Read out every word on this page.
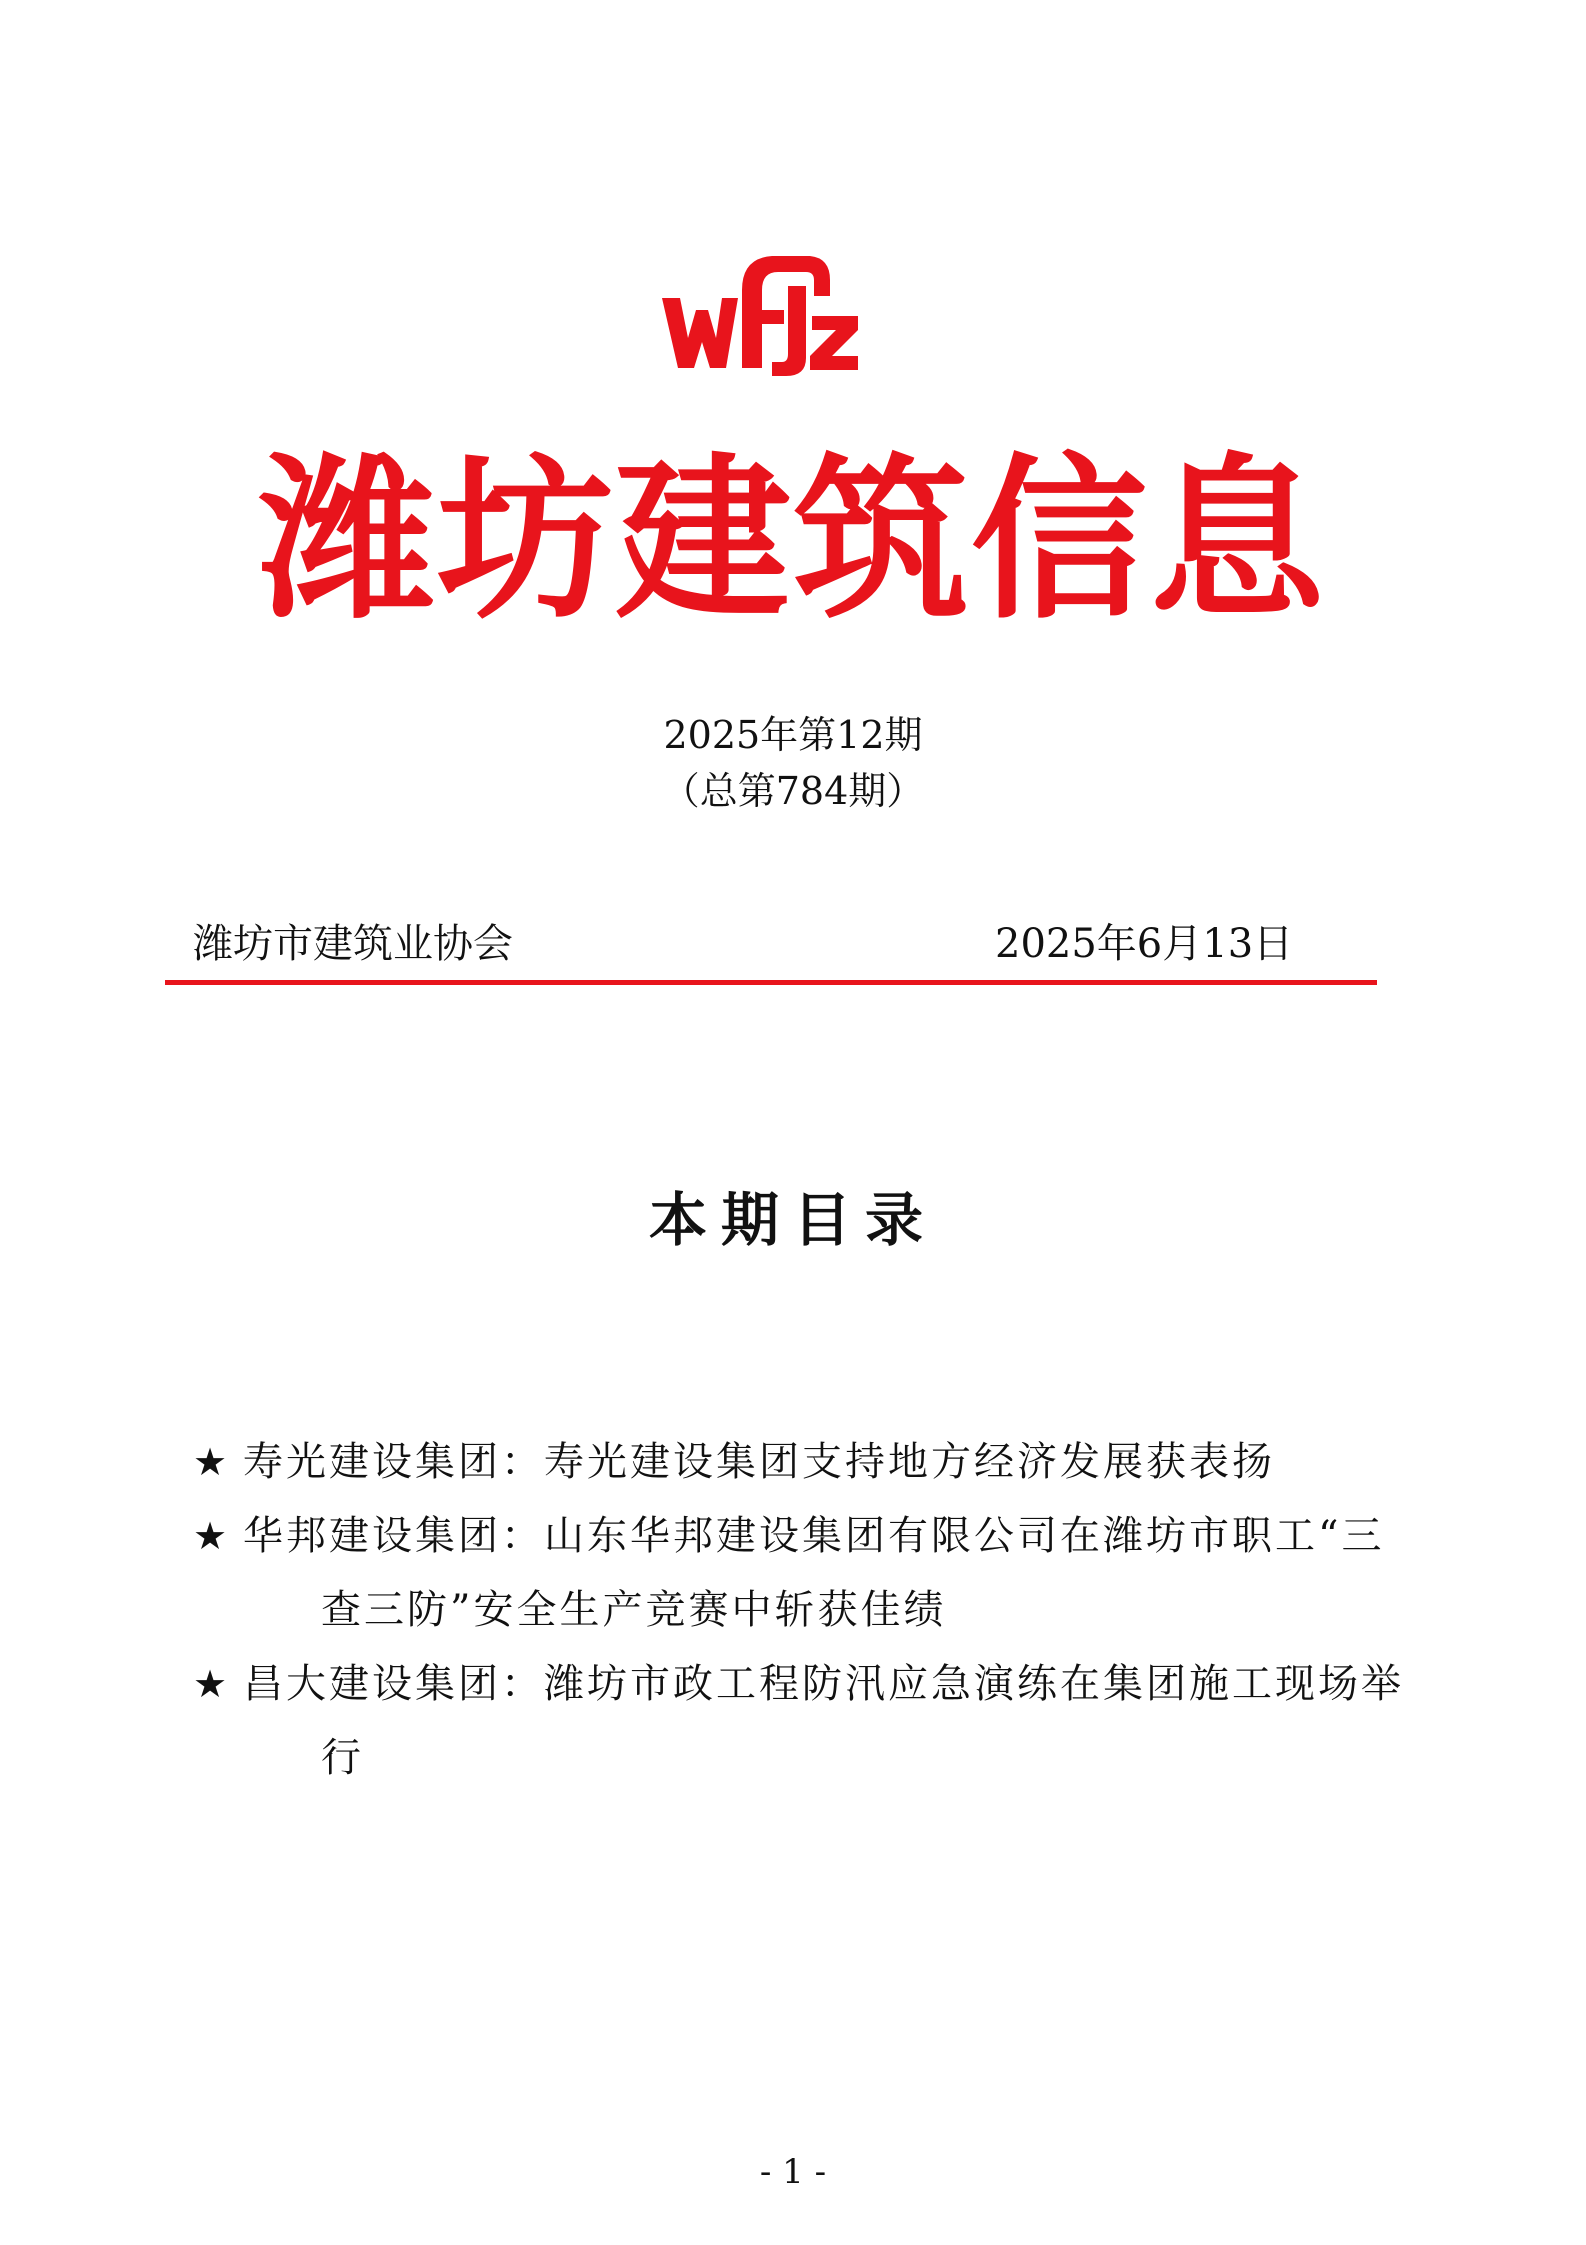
潍坊建筑信息
2025年第12期
（总第784期）
潍坊市建筑业协会	2025年6月13日
本期目录
★ 寿光建设集团：寿光建设集团支持地方经济发展获表扬
★ 华邦建设集团：山东华邦建设集团有限公司在潍坊市职工“三
查三防”安全生产竞赛中斩获佳绩
★ 昌大建设集团：潍坊市政工程防汛应急演练在集团施工现场举
行
- 1 -
